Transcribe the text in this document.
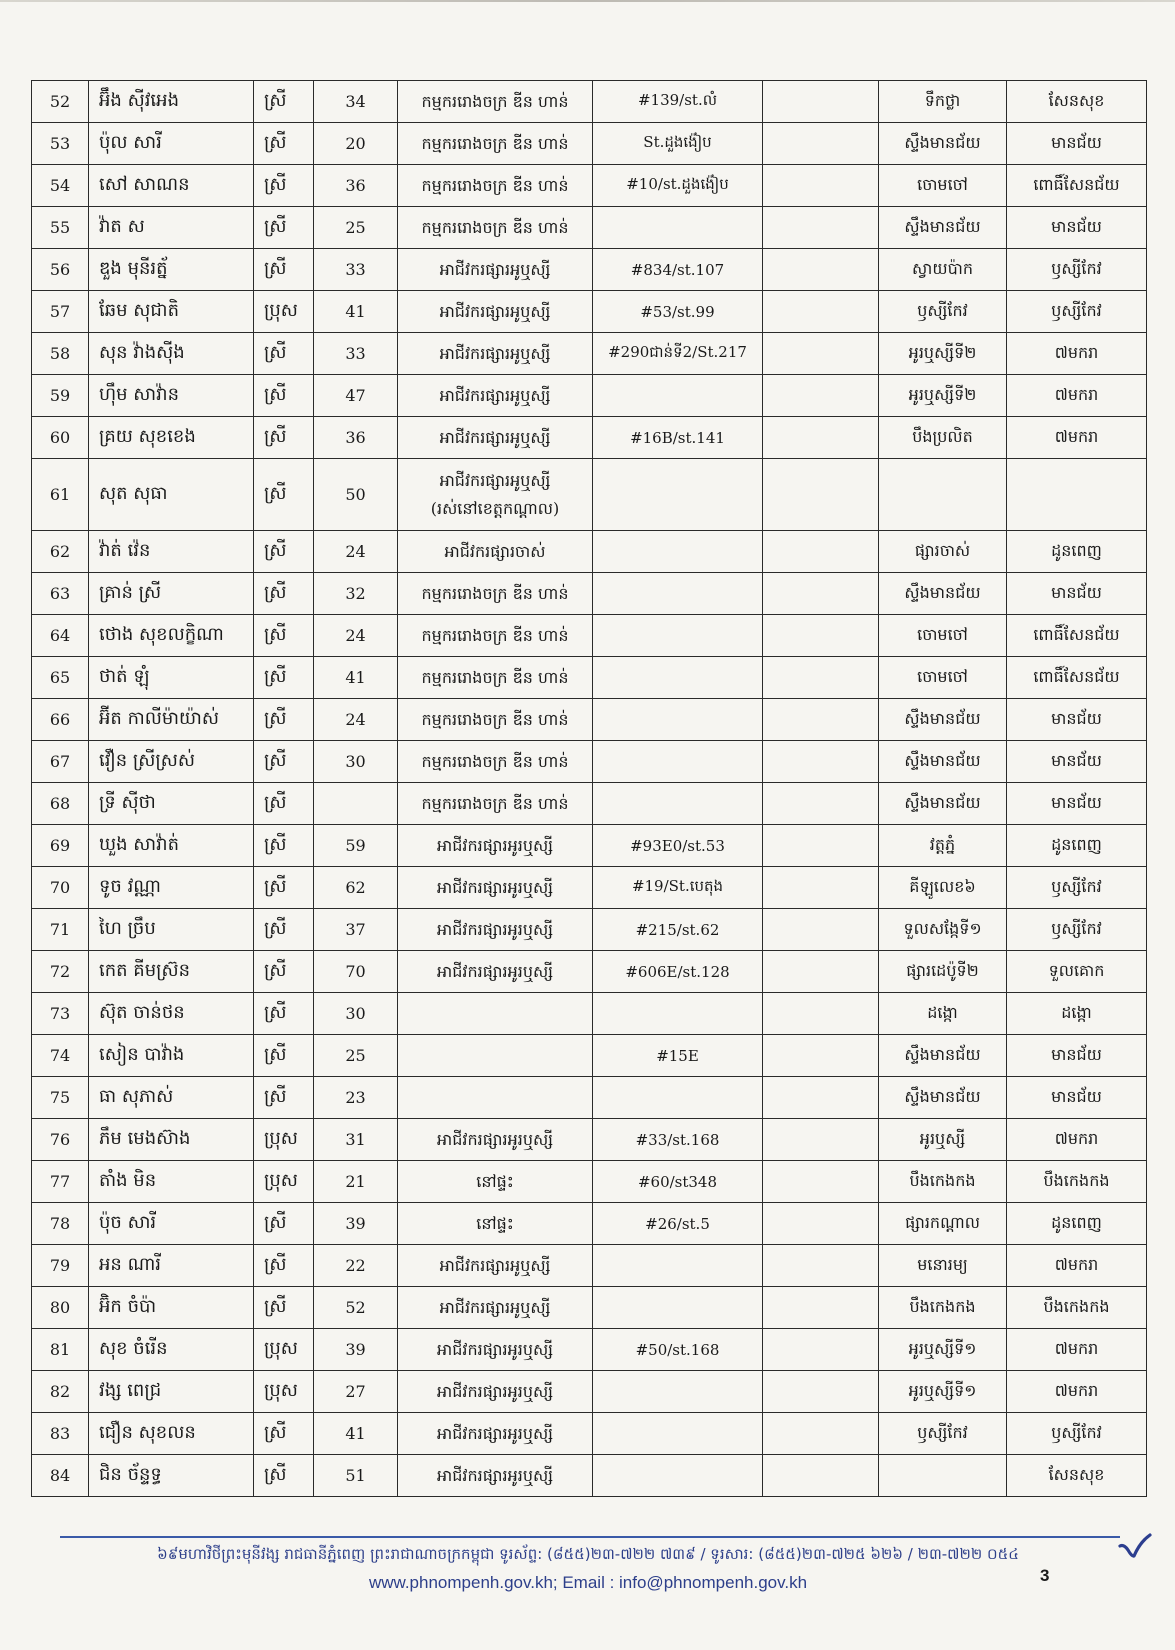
52	អ៊ឹង ស៊ីវអេង	ស្រី	34	កម្មកររោងចក្រ ឌីន ហាន់	#139/st.លំ		ទឹកថ្លា	សែនសុខ
53	ប៉ុល សារី	ស្រី	20	កម្មកររោងចក្រ ឌីន ហាន់	St.ដួងង៉ៀប		ស្ទឹងមានជ័យ	មានជ័យ
54	សៅ សាណន	ស្រី	36	កម្មកររោងចក្រ ឌីន ហាន់	#10/st.ដួងង៉ៀប		ចោមចៅ	ពោធិ៍សែនជ័យ
55	វ៉ាត ស	ស្រី	25	កម្មកររោងចក្រ ឌីន ហាន់			ស្ទឹងមានជ័យ	មានជ័យ
56	ឌួង មុនីរត្ន័	ស្រី	33	អាជីវករផ្សារអូឬស្សី	#834/st.107		ស្វាយប៉ាក	ឫស្សីកែវ
57	ឆែម សុជាតិ	ប្រុស	41	អាជីវករផ្សារអូឬស្សី	#53/st.99		ឫស្សីកែវ	ឫស្សីកែវ
58	សុន វ៉ាងស៊ីង	ស្រី	33	អាជីវករផ្សារអូឬស្សី	#290ជាន់ទី2/St.217		អូរឬស្សីទី២	៧មករា
59	ហ៊ឹម សាវ៉ាន	ស្រី	47	អាជីវករផ្សារអូឬស្សី			អូរឬស្សីទី២	៧មករា
60	គ្រយ សុខខេង	ស្រី	36	អាជីវករផ្សារអូឬស្សី	#16B/st.141		បឹងប្រលិត	៧មករា
61	សុត សុធា	ស្រី	50	អាជីវករផ្សារអូឬស្សី
(រស់នៅខេត្តកណ្ដាល)				

62	វ៉ាត់ វ៉េន	ស្រី	24	អាជីវករផ្សារចាស់			ផ្សារចាស់	ដូនពេញ
63	គ្រាន់ ស្រី	ស្រី	32	កម្មកររោងចក្រ ឌីន ហាន់			ស្ទឹងមានជ័យ	មានជ័យ
64	ថោង សុខលក្ខិណា	ស្រី	24	កម្មកររោងចក្រ ឌីន ហាន់			ចោមចៅ	ពោធិ៍សែនជ័យ
65	ថាត់ ឡុំ	ស្រី	41	កម្មកររោងចក្រ ឌីន ហាន់			ចោមចៅ	ពោធិ៍សែនជ័យ
66	អ៊ីត កាលីម៉ាយ៉ាស់	ស្រី	24	កម្មកររោងចក្រ ឌីន ហាន់			ស្ទឹងមានជ័យ	មានជ័យ
67	វឿន ស្រីស្រស់	ស្រី	30	កម្មកររោងចក្រ ឌីន ហាន់			ស្ទឹងមានជ័យ	មានជ័យ
68	ទ្រី ស៊ីថា	ស្រី		កម្មកររោងចក្រ ឌីន ហាន់			ស្ទឹងមានជ័យ	មានជ័យ
69	ឃួង សាវ៉ាត់	ស្រី	59	អាជីវករផ្សារអូរឬស្សី	#93E0/st.53		វត្តភ្នំ	ដូនពេញ
70	ទូច វណ្ណា	ស្រី	62	អាជីវករផ្សារអូរឬស្សី	#19/St.បេតុង		គីឡូលេខ៦	ឫស្សីកែវ
71	ហៃ ច្រឹប	ស្រី	37	អាជីវករផ្សារអូរឬស្សី	#215/st.62		ទួលសង្កែទី១	ឫស្សីកែវ
72	កេត គីមស្រ៊ន	ស្រី	70	អាជីវករផ្សារអូរឬស្សី	#606E/st.128		ផ្សារដេប៉ូទី២	ទួលគោក
73	ស៊ុត ចាន់ថន	ស្រី	30				ដង្កោ	ដង្កោ
74	សៀន បាវ៉ាង	ស្រី	25		#15E		ស្ទឹងមានជ័យ	មានជ័យ
75	ធា សុភាស់	ស្រី	23				ស្ទឹងមានជ័យ	មានជ័យ
76	ភឹម មេងស៊ាង	ប្រុស	31	អាជីវករផ្សារអូរឬស្សី	#33/st.168		អូរឬស្សី	៧មករា
77	តាំង មិន	ប្រុស	21	នៅផ្ទះ	#60/st348		បឹងកេងកង	បឹងកេងកង
78	ប៉ុច សារី	ស្រី	39	នៅផ្ទះ	#26/st.5		ផ្សារកណ្ដាល	ដូនពេញ
79	អន ណារី	ស្រី	22	អាជីវករផ្សារអូឬស្សី			មនោរម្យ	៧មករា
80	អ៊ិក ចំប៉ា	ស្រី	52	អាជីវករផ្សារអូឬស្សី			បឹងកេងកង	បឹងកេងកង
81	សុខ ចំរើន	ប្រុស	39	អាជីវករផ្សារអូរឬស្សី	#50/st.168		អូរឬស្សីទី១	៧មករា
82	វង្ស ពេជ្រ	ប្រុស	27	អាជីវករផ្សារអូរឬស្សី			អូរឬស្សីទី១	៧មករា
83	ជឿន សុខលន	ស្រី	41	អាជីវករផ្សារអូរឬស្សី			ឫស្សីកែវ	ឫស្សីកែវ
84	ជិន ច័ន្ទទ្ធ	ស្រី	51	អាជីវករផ្សារអូរឬស្សី				សែនសុខ
៦៩មហាវិថីព្រះមុនីវង្ស រាជធានីភ្នំពេញ ព្រះរាជាណាចក្រកម្ពុជា ទូរស័ព្ទ: (៨៥៥)២៣-៧២២ ៧៣៩ / ទូរសារ: (៨៥៥)២៣-៧២៥ ៦២៦ / ២៣-៧២២ ០៥៤
www.phnompenh.gov.kh; Email : info@phnompenh.gov.kh	3
